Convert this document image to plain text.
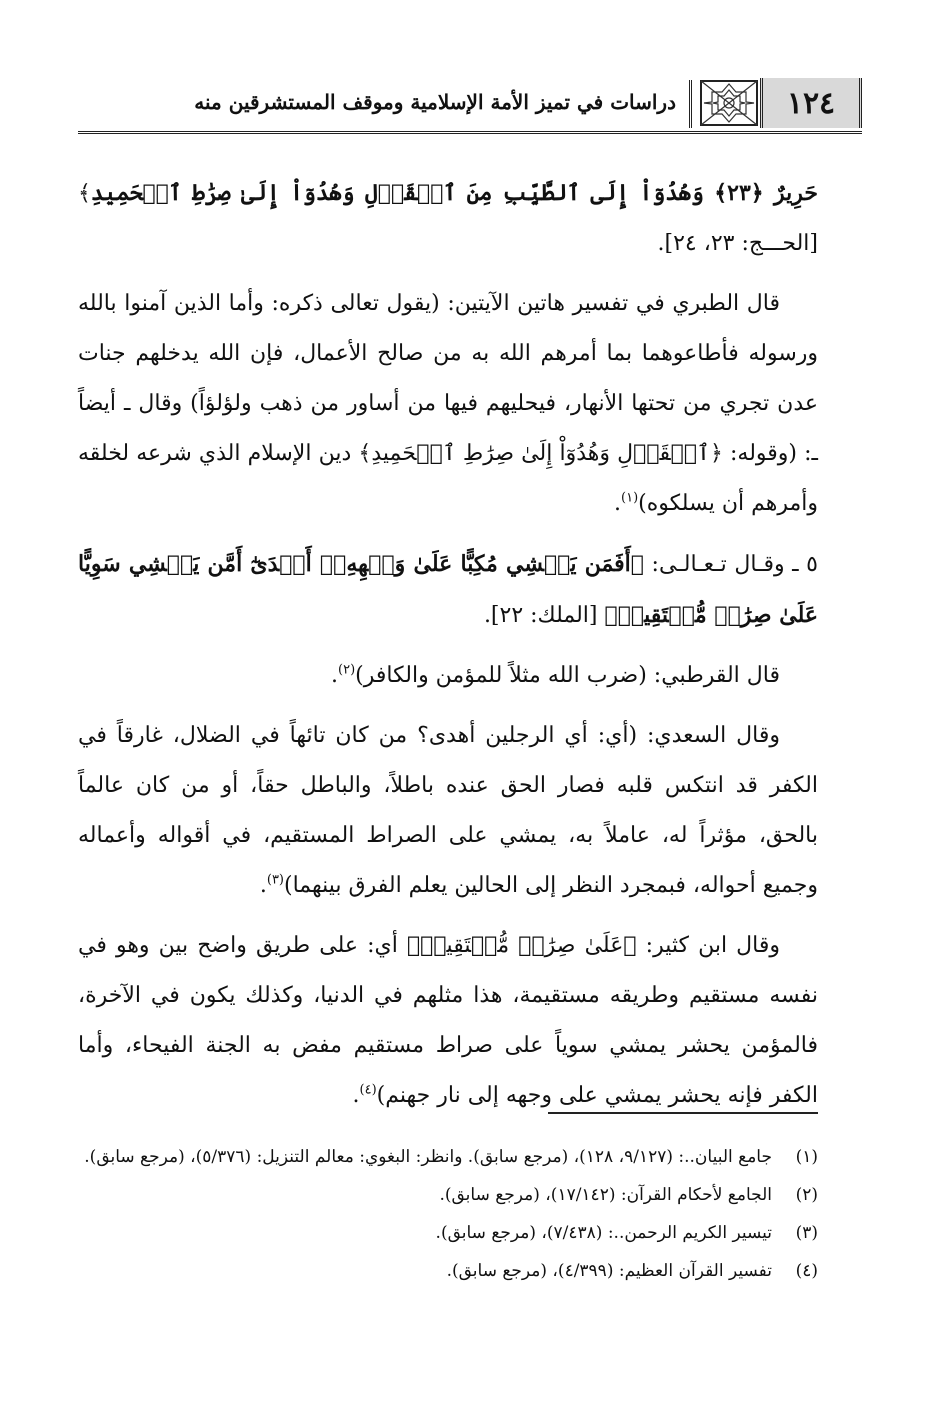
١٢٤
دراسات في تميز الأمة الإسلامية وموقف المستشرقين منه

حَرِيرٌ ﴿٢٣﴾ وَهُدُوٓاْ إِلَى ٱلطَّيِّبِ مِنَ ٱلۡقَوۡلِ وَهُدُوٓاْ إِلَىٰ صِرَٰطِ ٱلۡحَمِيدِ﴾ [الحـــج: ٢٣، ٢٤].

قال الطبري في تفسير هاتين الآيتين: (يقول تعالى ذكره: وأما الذين آمنوا بالله ورسوله فأطاعوهما بما أمرهم الله به من صالح الأعمال، فإن الله يدخلهم جنات عدن تجري من تحتها الأنهار، فيحليهم فيها من أساور من ذهب ولؤلؤاً) وقال ـ أيضاً ـ: (وقوله: ﴿ٱلۡقَوۡلِ وَهُدُوٓاْ إِلَىٰ صِرَٰطِ ٱلۡحَمِيدِ﴾ دين الإسلام الذي شرعه لخلقه وأمرهم أن يسلكوه)$^{(١)}$.

٥ ـ وقـال تـعـالـى: ﴿أَفَمَن يَمۡشِي مُكِبًّا عَلَىٰ وَجۡهِهِۦٓ أَهۡدَىٰٓ أَمَّن يَمۡشِي سَوِيًّا عَلَىٰ صِرَٰطٖ مُّسۡتَقِيمٖ﴾ [الملك: ٢٢].

قال القرطبي: (ضرب الله مثلاً للمؤمن والكافر)$^{(٢)}$.

وقال السعدي: (أي: أي الرجلين أهدى؟ من كان تائهاً في الضلال، غارقاً في الكفر قد انتكس قلبه فصار الحق عنده باطلاً، والباطل حقاً، أو من كان عالماً بالحق، مؤثراً له، عاملاً به، يمشي على الصراط المستقيم، في أقواله وأعماله وجميع أحواله، فبمجرد النظر إلى الحالين يعلم الفرق بينهما)$^{(٣)}$.

وقال ابن كثير: ﴿عَلَىٰ صِرَٰطٖ مُّسۡتَقِيمٖ﴾ أي: على طريق واضح بين وهو في نفسه مستقيم وطريقه مستقيمة، هذا مثلهم في الدنيا، وكذلك يكون في الآخرة، فالمؤمن يحشر يمشي سوياً على صراط مستقيم مفض به الجنة الفيحاء، وأما الكفر فإنه يحشر يمشي على وجهه إلى نار جهنم)$^{(٤)}$.

(١)
جامع البيان..: (٩/١٢٧، ١٢٨)، (مرجع سابق). وانظر: البغوي: معالم التنزيل: (٥/٣٧٦)، (مرجع سابق).
(٢)
الجامع لأحكام القرآن: (١٧/١٤٢)، (مرجع سابق).
(٣)
تيسير الكريم الرحمن..: (٧/٤٣٨)، (مرجع سابق).
(٤)
تفسير القرآن العظيم: (٤/٣٩٩)، (مرجع سابق).
